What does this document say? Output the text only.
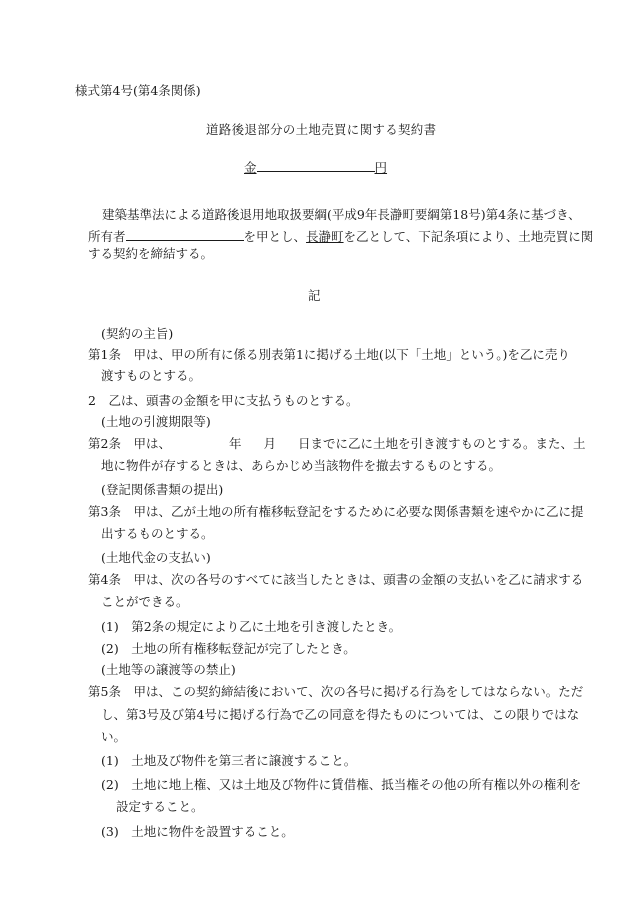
様式第4号(第4条関係)
道路後退部分の土地売買に関する契約書
金	円
建築基準法による道路後退用地取扱要綱(平成9年長瀞町要綱第18号)第4条に基づき、
所有者	を甲とし、長瀞町を乙として、下記条項により、土地売買に関
する契約を締結する。
記
(契約の主旨)
第1条　甲は、甲の所有に係る別表第1に掲げる土地(以下「土地」という。)を乙に売り
渡すものとする。
2　乙は、頭書の金額を甲に支払うものとする。
(土地の引渡期限等)
第2条　甲は、	年 月 日までに乙に土地を引き渡すものとする。また、土
地に物件が存するときは、あらかじめ当該物件を撤去するものとする。
(登記関係書類の提出)
第3条　甲は、乙が土地の所有権移転登記をするために必要な関係書類を速やかに乙に提
出するものとする。
(土地代金の支払い)
第4条　甲は、次の各号のすべてに該当したときは、頭書の金額の支払いを乙に請求する
ことができる。
(1)　第2条の規定により乙に土地を引き渡したとき。
(2)　土地の所有権移転登記が完了したとき。
(土地等の譲渡等の禁止)
第5条　甲は、この契約締結後において、次の各号に掲げる行為をしてはならない。ただ
し、第3号及び第4号に掲げる行為で乙の同意を得たものについては、この限りではな
い。
(1)　土地及び物件を第三者に譲渡すること。
(2)　土地に地上権、又は土地及び物件に賃借権、抵当権その他の所有権以外の権利を
設定すること。
(3)　土地に物件を設置すること。
